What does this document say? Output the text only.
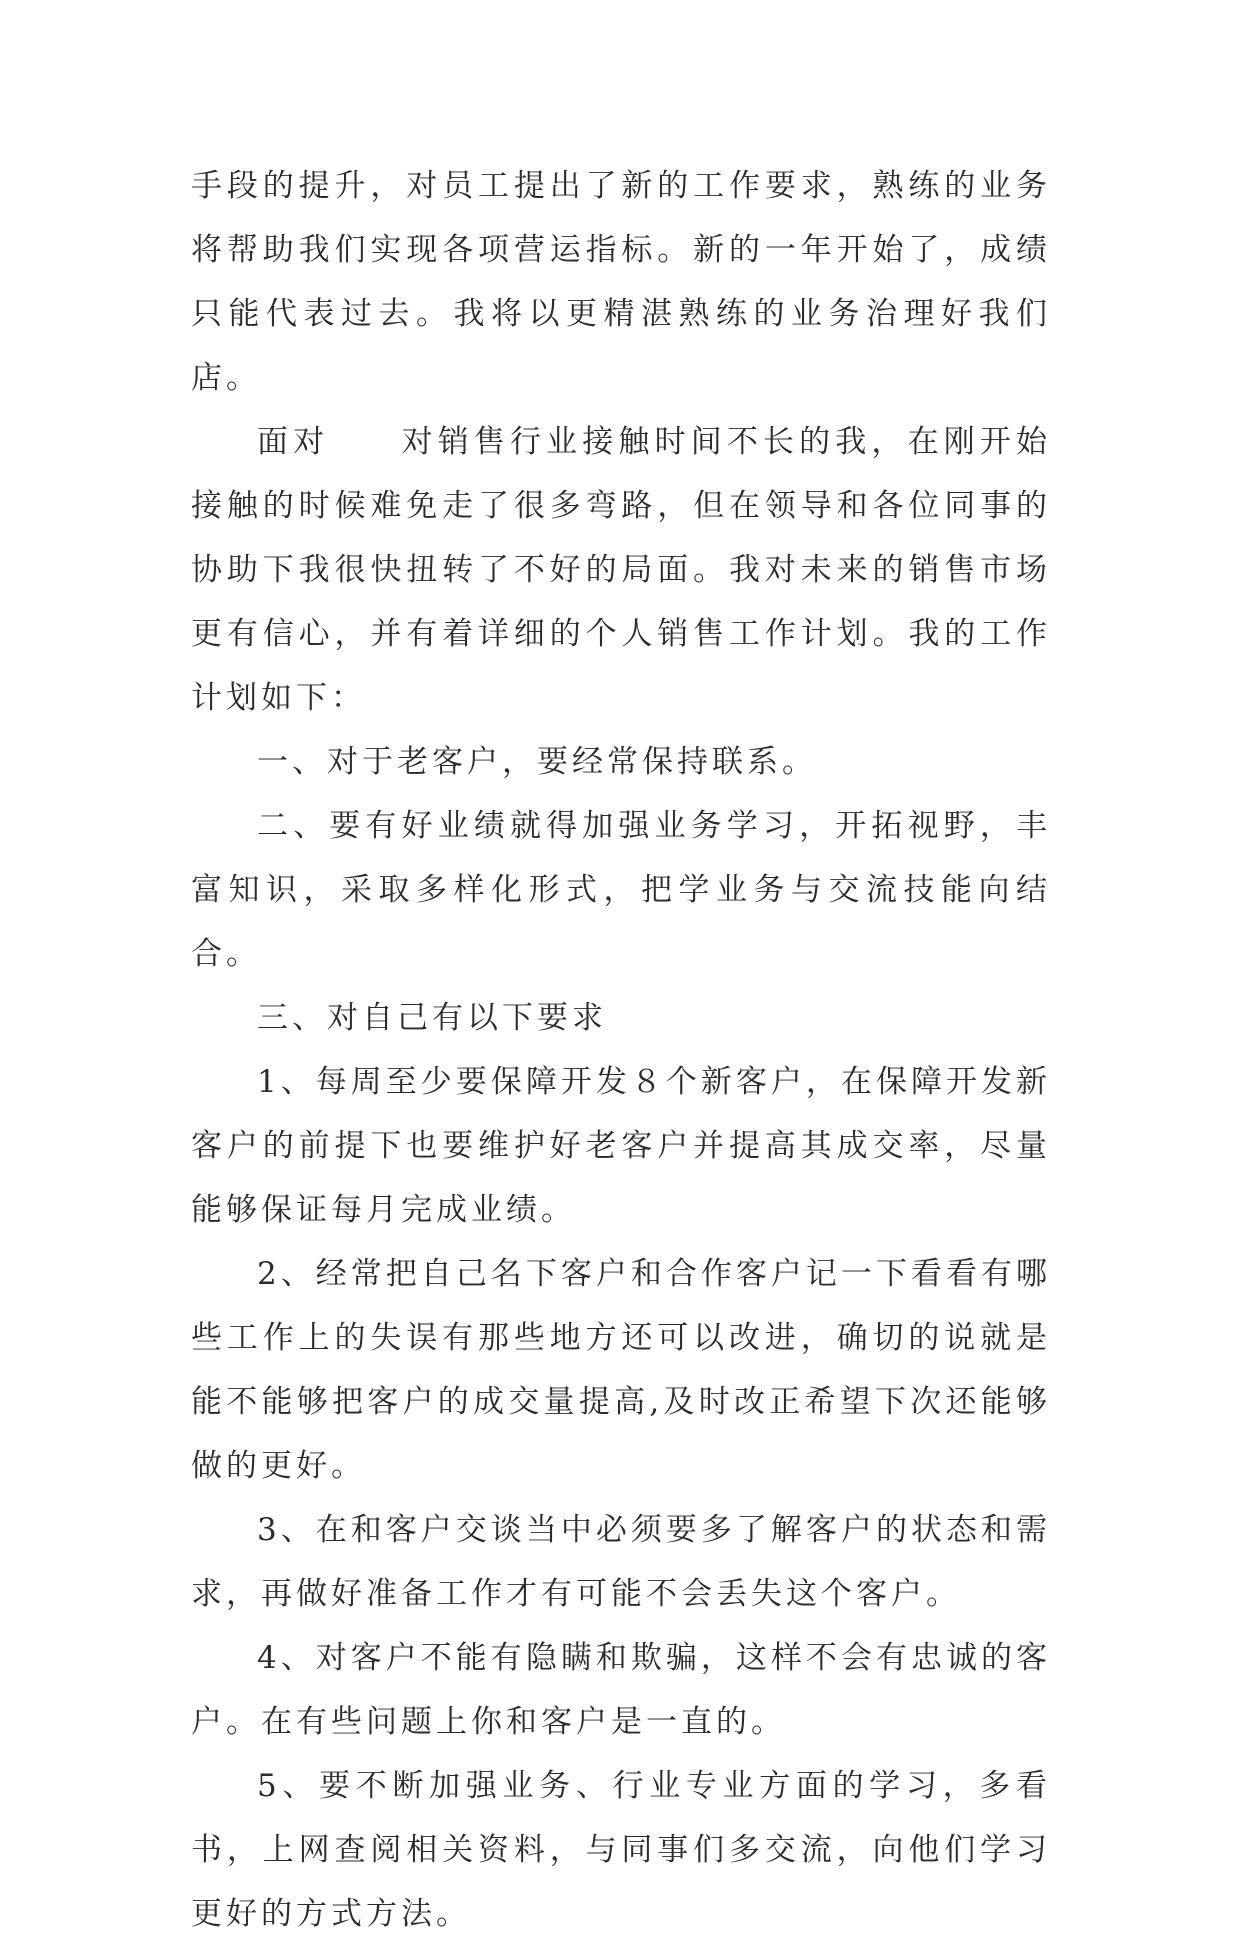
手段的提升，对员工提出了新的工作要求，熟练的业务将帮助我们实现各项营运指标。新的一年开始了，成绩只能代表过去。我将以更精湛熟练的业务治理好我们店。

面对　　对销售行业接触时间不长的我，在刚开始接触的时候难免走了很多弯路，但在领导和各位同事的协助下我很快扭转了不好的局面。我对未来的销售市场更有信心，并有着详细的个人销售工作计划。我的工作计划如下：

一、对于老客户，要经常保持联系。

二、要有好业绩就得加强业务学习，开拓视野，丰富知识，采取多样化形式，把学业务与交流技能向结合。

三、对自己有以下要求

1、每周至少要保障开发８个新客户，在保障开发新客户的前提下也要维护好老客户并提高其成交率，尽量能够保证每月完成业绩。

2、经常把自己名下客户和合作客户记一下看看有哪些工作上的失误有那些地方还可以改进，确切的说就是能不能够把客户的成交量提高,及时改正希望下次还能够做的更好。

3、在和客户交谈当中必须要多了解客户的状态和需求，再做好准备工作才有可能不会丢失这个客户。

4、对客户不能有隐瞒和欺骗，这样不会有忠诚的客户。在有些问题上你和客户是一直的。

5、要不断加强业务、行业专业方面的学习，多看书，上网查阅相关资料，与同事们多交流，向他们学习更好的方式方法。
